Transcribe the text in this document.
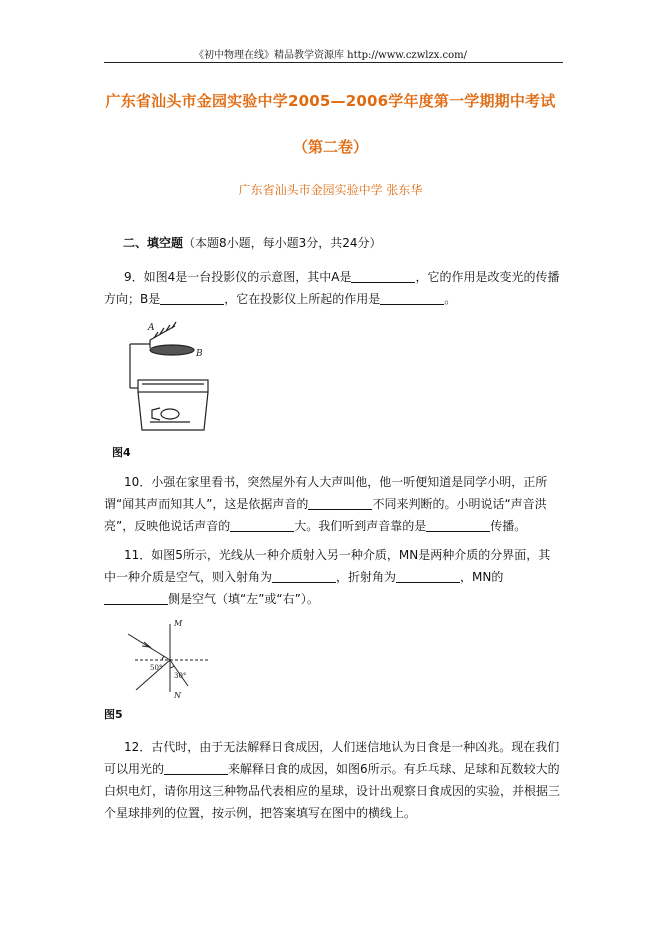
《初中物理在线》精品教学资源库 http://www.czwlzx.com/
广东省汕头市金园实验中学2005—2006学年度第一学期期中考试
（第二卷）
广东省汕头市金园实验中学 张东华
二、填空题（本题8小题，每小题3分，共24分）
9．如图4是一台投影仪的示意图，其中A是	，它的作用是改变光的传播方向；B是	，它在投影仪上所起的作用是	。
A
B
图4
10．小强在家里看书，突然屋外有人大声叫他，他一听便知道是同学小明，正所谓“闻其声而知其人”，这是依据声音的	不同来判断的。小明说话“声音洪亮”，反映他说话声音的	大。我们听到声音靠的是	传播。
11．如图5所示，光线从一种介质射入另一种介质，MN是两种介质的分界面，其中一种介质是空气，则入射角为	，折射角为	，MN的侧是空气（填“左”或“右”）。
M
N
50°
30°
图5
12．古代时，由于无法解释日食成因，人们迷信地认为日食是一种凶兆。现在我们可以用光的	来解释日食的成因，如图6所示。有乒乓球、足球和瓦数较大的白炽电灯，请你用这三种物品代表相应的星球，设计出观察日食成因的实验，并根据三个星球排列的位置，按示例，把答案填写在图中的横线上。
